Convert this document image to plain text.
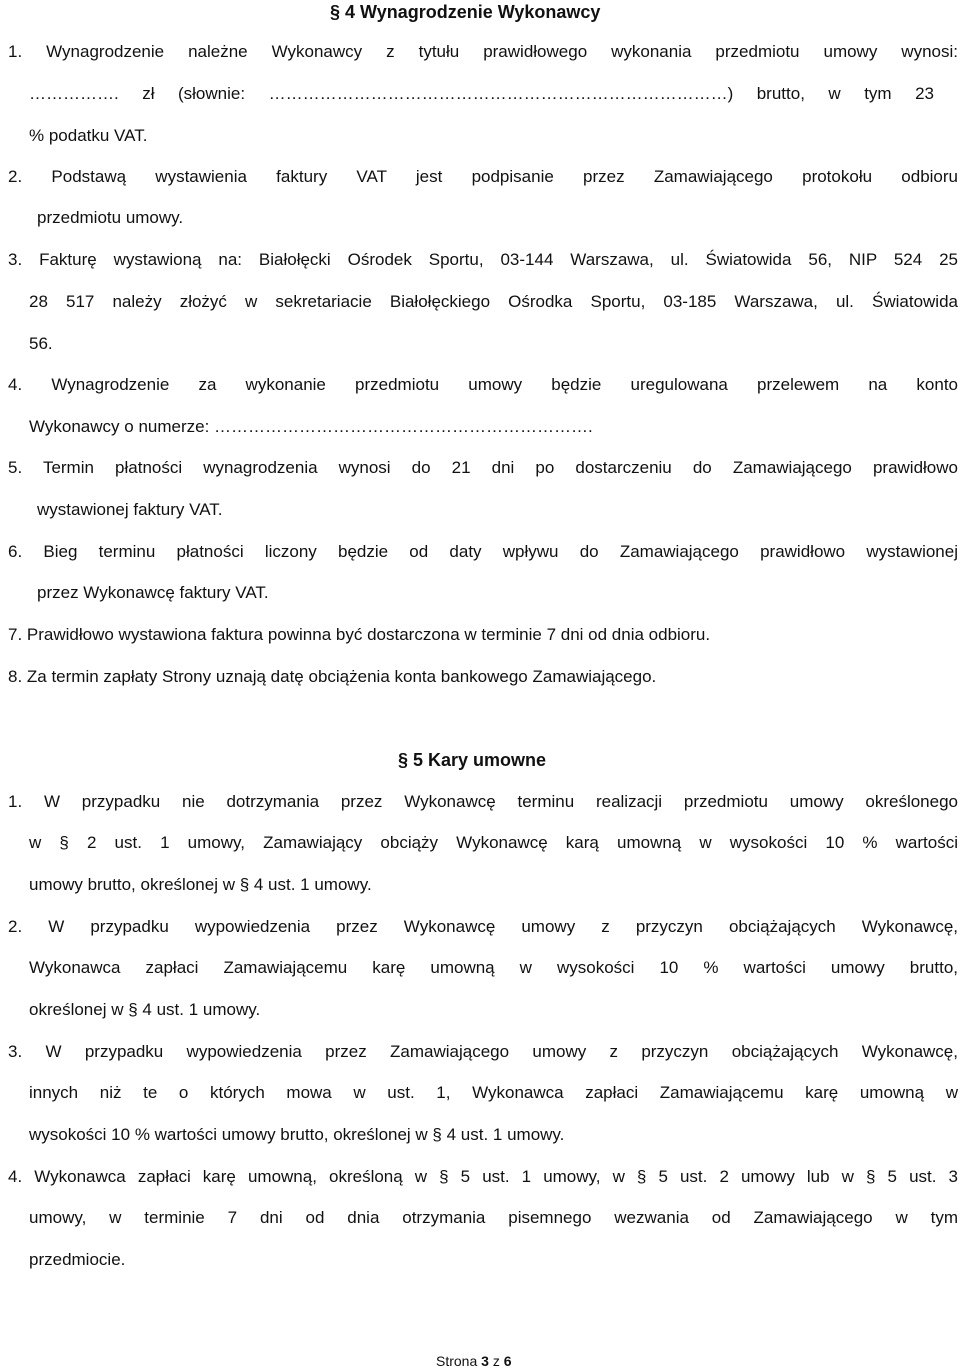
§ 4 Wynagrodzenie Wykonawcy
1. Wynagrodzenie należne Wykonawcy z tytułu prawidłowego wykonania przedmiotu umowy wynosi:
……………. zł (słownie: ………………………………………………………………………) brutto, w tym 23
% podatku VAT.
2. Podstawą wystawienia faktury VAT jest podpisanie przez Zamawiającego protokołu odbioru
przedmiotu umowy.
3. Fakturę wystawioną na: Białołęcki Ośrodek Sportu, 03-144 Warszawa, ul. Światowida 56, NIP 524 25
28 517 należy złożyć w sekretariacie Białołęckiego Ośrodka Sportu, 03-185 Warszawa, ul. Światowida
56.
4. Wynagrodzenie za wykonanie przedmiotu umowy będzie uregulowana przelewem na konto
Wykonawcy o numerze: ………………………………………………………….
5. Termin płatności wynagrodzenia wynosi do 21 dni po dostarczeniu do Zamawiającego prawidłowo
wystawionej faktury VAT.
6. Bieg terminu płatności liczony będzie od daty wpływu do Zamawiającego prawidłowo wystawionej
przez Wykonawcę faktury VAT.
7. Prawidłowo wystawiona faktura powinna być dostarczona w terminie 7 dni od dnia odbioru.
8. Za termin zapłaty Strony uznają datę obciążenia konta bankowego Zamawiającego.
§ 5 Kary umowne
1. W przypadku nie dotrzymania przez Wykonawcę terminu realizacji przedmiotu umowy określonego
w § 2 ust. 1 umowy, Zamawiający obciąży Wykonawcę karą umowną w wysokości 10 % wartości
umowy brutto, określonej w § 4 ust. 1 umowy.
2. W przypadku wypowiedzenia przez Wykonawcę umowy z przyczyn obciążających Wykonawcę,
Wykonawca zapłaci Zamawiającemu karę umowną w wysokości 10 % wartości umowy brutto,
określonej w § 4 ust. 1 umowy.
3. W przypadku wypowiedzenia przez Zamawiającego umowy z przyczyn obciążających Wykonawcę,
innych niż te o których mowa w ust. 1, Wykonawca zapłaci Zamawiającemu karę umowną w
wysokości 10 % wartości umowy brutto, określonej w § 4 ust. 1 umowy.
4. Wykonawca zapłaci karę umowną, określoną w § 5 ust. 1 umowy, w § 5 ust. 2 umowy lub w § 5 ust. 3
umowy, w terminie 7 dni od dnia otrzymania pisemnego wezwania od Zamawiającego w tym
przedmiocie.
Strona 3 z 6
